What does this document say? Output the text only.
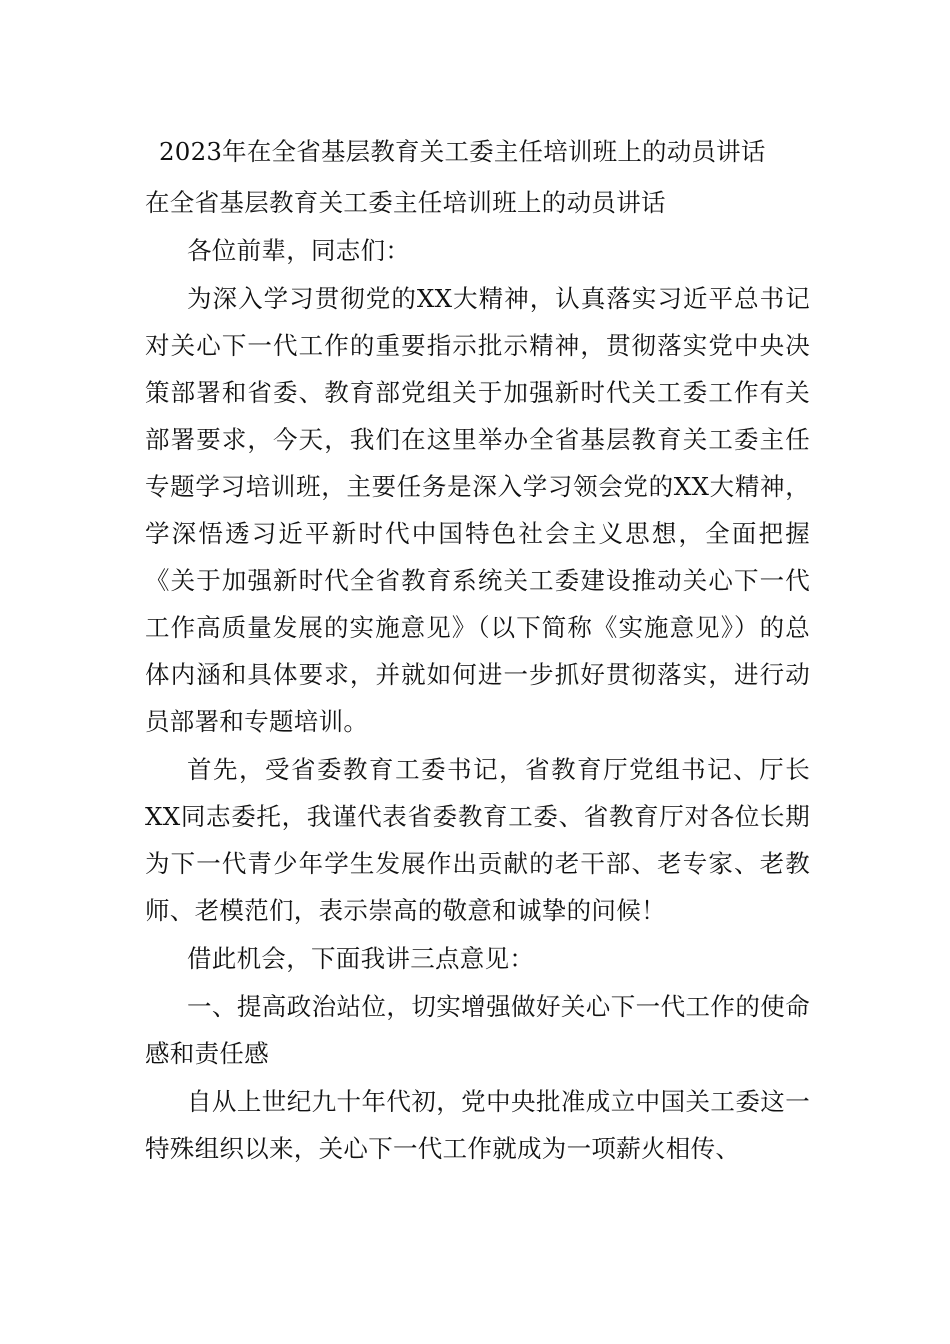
2023年在全省基层教育关工委主任培训班上的动员讲话

在全省基层教育关工委主任培训班上的动员讲话

各位前辈，同志们：

为深入学习贯彻党的XX大精神，认真落实习近平总书记对关心下一代工作的重要指示批示精神，贯彻落实党中央决策部署和省委、教育部党组关于加强新时代关工委工作有关部署要求，今天，我们在这里举办全省基层教育关工委主任专题学习培训班，主要任务是深入学习领会党的XX大精神，学深悟透习近平新时代中国特色社会主义思想，全面把握《关于加强新时代全省教育系统关工委建设推动关心下一代工作高质量发展的实施意见》（以下简称《实施意见》）的总体内涵和具体要求，并就如何进一步抓好贯彻落实，进行动员部署和专题培训。

首先，受省委教育工委书记，省教育厅党组书记、厅长XX同志委托，我谨代表省委教育工委、省教育厅对各位长期为下一代青少年学生发展作出贡献的老干部、老专家、老教师、老模范们，表示崇高的敬意和诚挚的问候！

借此机会，下面我讲三点意见：

一、提高政治站位，切实增强做好关心下一代工作的使命感和责任感

自从上世纪九十年代初，党中央批准成立中国关工委这一特殊组织以来，关心下一代工作就成为一项薪火相传、
